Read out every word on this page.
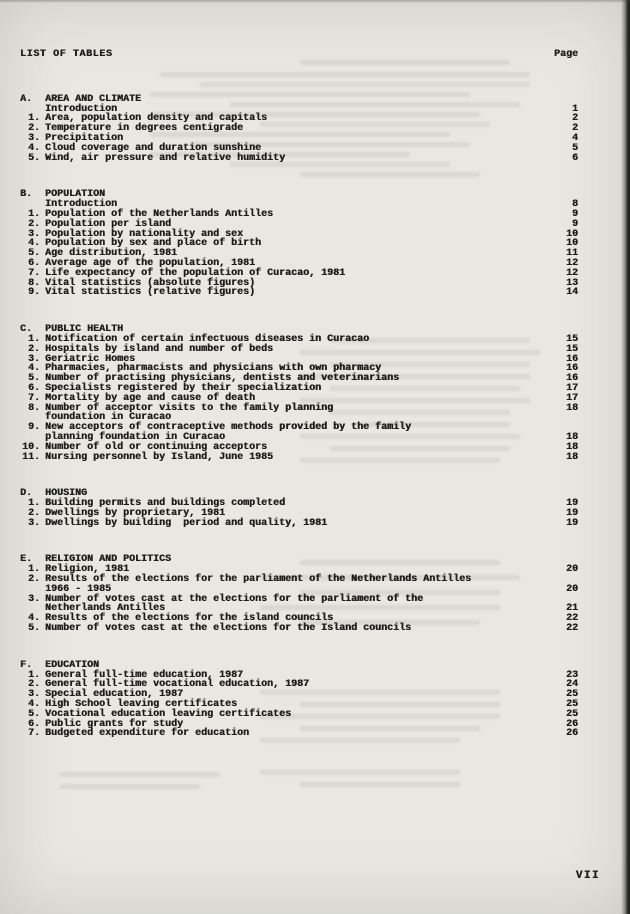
LIST OF TABLES	Page
A.	AREA AND CLIMATE
Introduction	1
1. Area, population density and capitals	2
2. Temperature in degrees centigrade	2
3. Precipitation	4
4. Cloud coverage and duration sunshine	5
5. Wind, air pressure and relative humidity	6
B.	POPULATION
Introduction	8
1. Population of the Netherlands Antilles	9
2. Population per island	9
3. Population by nationality and sex	10
4. Population by sex and place of birth	10
5. Age distribution, 1981	11
6. Average age of the population, 1981	12
7. Life expectancy of the population of Curacao, 1981	12
8. Vital statistics (absolute figures)	13
9. Vital statistics (relative figures)	14
C.	PUBLIC HEALTH
1. Notification of certain infectuous diseases in Curacao	15
2. Hospitals by island and number of beds	15
3. Geriatric Homes	16
4. Pharmacies, pharmacists and physicians with own pharmacy	16
5. Number of practising physicians, dentists and veterinarians	16
6. Specialists registered by their specialization	17
7. Mortality by age and cause of death	17
8. Number of acceptor visits to the family planning	18
foundation in Curacao
9. New acceptors of contraceptive methods provided by the family
planning foundation in Curacao	18
10. Number of old or continuing acceptors	18
11. Nursing personnel by Island, June 1985	18
D.	HOUSING
1. Building permits and buildings completed	19
2. Dwellings by proprietary, 1981	19
3. Dwellings by building  period and quality, 1981	19
E.	RELIGION AND POLITICS
1. Religion, 1981	20
2. Results of the elections for the parliament of the Netherlands Antilles
1966 - 1985	20
3. Number of votes cast at the elections for the parliament of the
Netherlands Antilles	21
4. Results of the elections for the island councils	22
5. Number of votes cast at the elections for the Island councils	22
F.	EDUCATION
1. General full-time education, 1987	23
2. General full-time vocational education, 1987	24
3. Special education, 1987	25
4. High School leaving certificates	25
5. Vocational education leaving certificates	25
6. Public grants for study	26
7. Budgeted expenditure for education	26
VII
